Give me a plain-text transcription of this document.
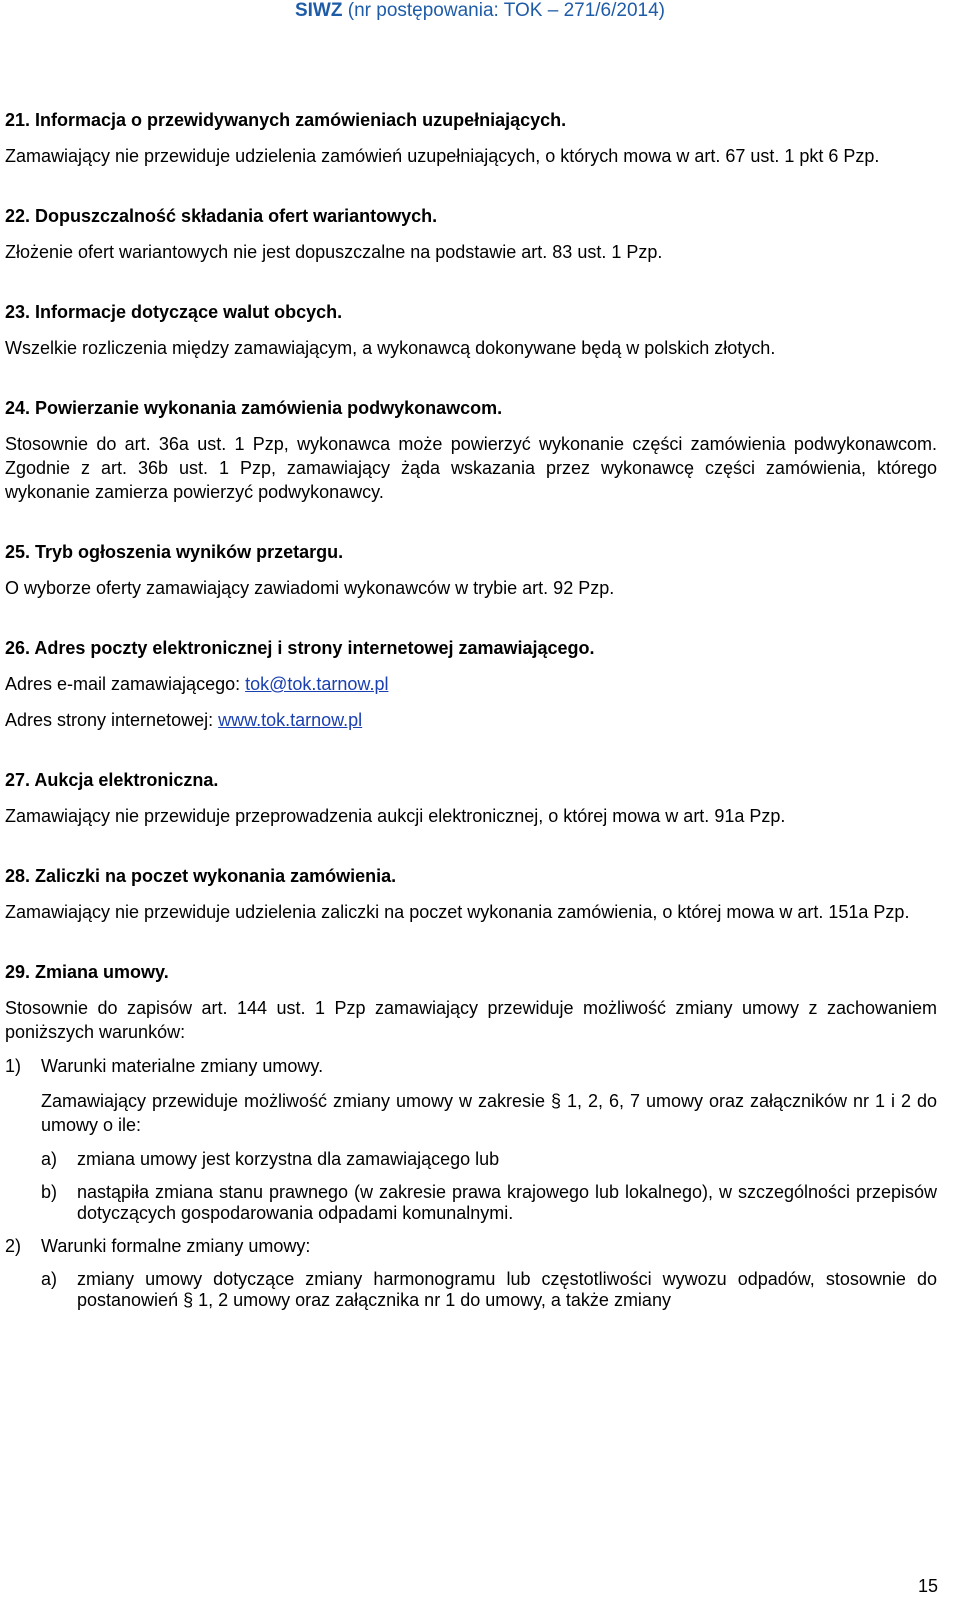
SIWZ (nr postępowania: TOK – 271/6/2014)
21. Informacja o przewidywanych zamówieniach uzupełniających.

Zamawiający nie przewiduje udzielenia zamówień uzupełniających, o których mowa w art. 67 ust. 1 pkt 6 Pzp.

22. Dopuszczalność składania ofert wariantowych.

Złożenie ofert wariantowych nie jest dopuszczalne na podstawie art. 83 ust. 1 Pzp.

23. Informacje dotyczące walut obcych.

Wszelkie rozliczenia między zamawiającym, a wykonawcą dokonywane będą w polskich złotych.

24. Powierzanie wykonania zamówienia podwykonawcom.

Stosownie do art. 36a ust. 1 Pzp, wykonawca może powierzyć wykonanie części zamówienia podwykonawcom. Zgodnie z art. 36b ust. 1 Pzp, zamawiający żąda wskazania przez wykonawcę części zamówienia, którego wykonanie zamierza powierzyć podwykonawcy.

25. Tryb ogłoszenia wyników przetargu.

O wyborze oferty zamawiający zawiadomi wykonawców w trybie art. 92 Pzp.

26. Adres poczty elektronicznej i strony internetowej zamawiającego.

Adres e-mail zamawiającego: tok@tok.tarnow.pl

Adres strony internetowej: www.tok.tarnow.pl

27. Aukcja elektroniczna.

Zamawiający nie przewiduje przeprowadzenia aukcji elektronicznej, o której mowa w art. 91a Pzp.

28. Zaliczki na poczet wykonania zamówienia.

Zamawiający nie przewiduje udzielenia zaliczki na poczet wykonania zamówienia, o której mowa w art. 151a Pzp.

29. Zmiana umowy.

Stosownie do zapisów art. 144 ust. 1 Pzp zamawiający przewiduje możliwość zmiany umowy z zachowaniem poniższych warunków:

1)	Warunki materialne zmiany umowy.

Zamawiający przewiduje możliwość zmiany umowy w zakresie § 1, 2, 6, 7 umowy oraz załączników nr 1 i 2 do umowy o ile:

a)	zmiana umowy jest korzystna dla zamawiającego lub
b)	nastąpiła zmiana stanu prawnego (w zakresie prawa krajowego lub lokalnego), w szczególności przepisów dotyczących gospodarowania odpadami komunalnymi.
2)	Warunki formalne zmiany umowy:
a)	zmiany umowy dotyczące zmiany harmonogramu lub częstotliwości wywozu odpadów, stosownie do postanowień § 1, 2 umowy oraz załącznika nr 1 do umowy, a także zmiany
15
